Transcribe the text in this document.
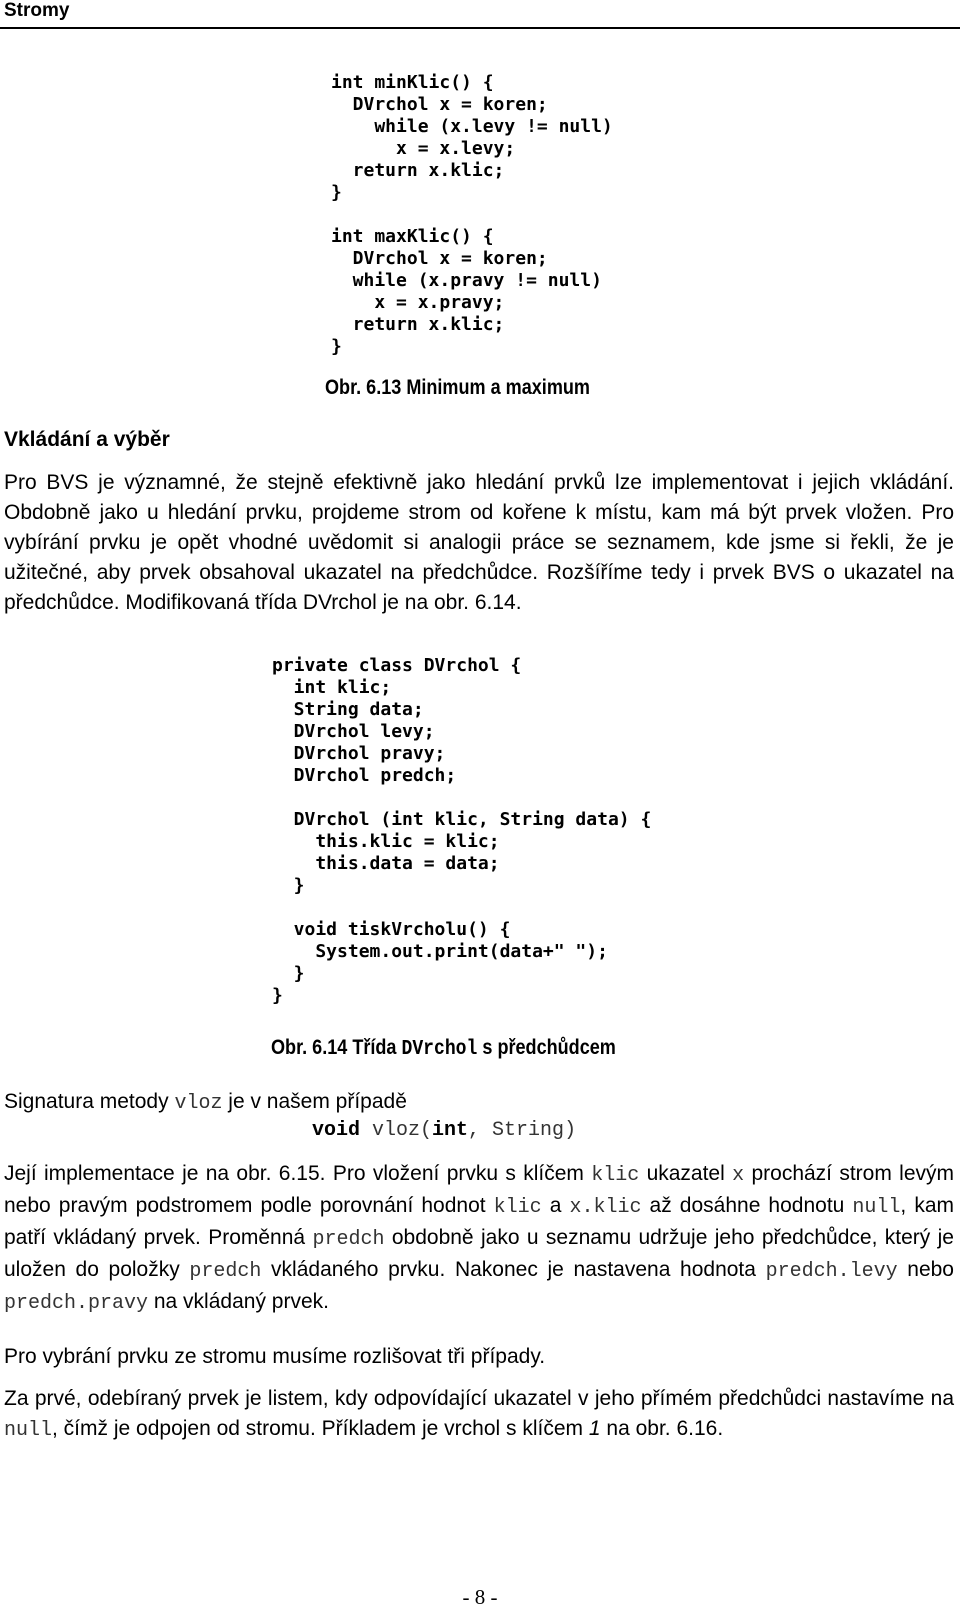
Stromy
int minKlic() {
DVrchol x = koren;
while (x.levy != null)
x = x.levy;
return x.klic;
}

int maxKlic() {
DVrchol x = koren;
while (x.pravy != null)
x = x.pravy;
return x.klic;
}
Obr. 6.13 Minimum a maximum
Vkládání a výběr
Pro BVS je významné, že stejně efektivně jako hledání prvků lze implementovat i jejich vkládání. Obdobně jako u hledání prvku, projdeme strom od kořene k místu, kam má být prvek vložen. Pro vybírání prvku je opět vhodné uvědomit si analogii práce se seznamem, kde jsme si řekli, že je užitečné, aby prvek obsahoval ukazatel na předchůdce. Rozšíříme tedy i prvek BVS o ukazatel na předchůdce. Modifikovaná třída DVrchol je na obr. 6.14.
private class DVrchol {
int klic;
String data;
DVrchol levy;
DVrchol pravy;
DVrchol predch;

DVrchol (int klic, String data) {
this.klic = klic;
this.data = data;
}

void tiskVrcholu() {
System.out.print(data+" ");
}
}
Obr. 6.14 Třída DVrchol s předchůdcem
Signatura metody vloz je v našem případě
void vloz(int, String)
Její implementace je na obr. 6.15. Pro vložení prvku s klíčem klic ukazatel x prochází strom levým nebo pravým podstromem podle porovnání hodnot klic a x.klic až dosáhne hodnotu null, kam patří vkládaný prvek. Proměnná predch obdobně jako u seznamu udržuje jeho předchůdce, který je uložen do položky predch vkládaného prvku. Nakonec je nastavena hodnota predch.levy nebo predch.pravy na vkládaný prvek.
Pro vybrání prvku ze stromu musíme rozlišovat tři případy.
Za prvé, odebíraný prvek je listem, kdy odpovídající ukazatel v jeho přímém předchůdci nastavíme na null, čímž je odpojen od stromu. Příkladem je vrchol s klíčem 1 na obr. 6.16.
- 8 -
